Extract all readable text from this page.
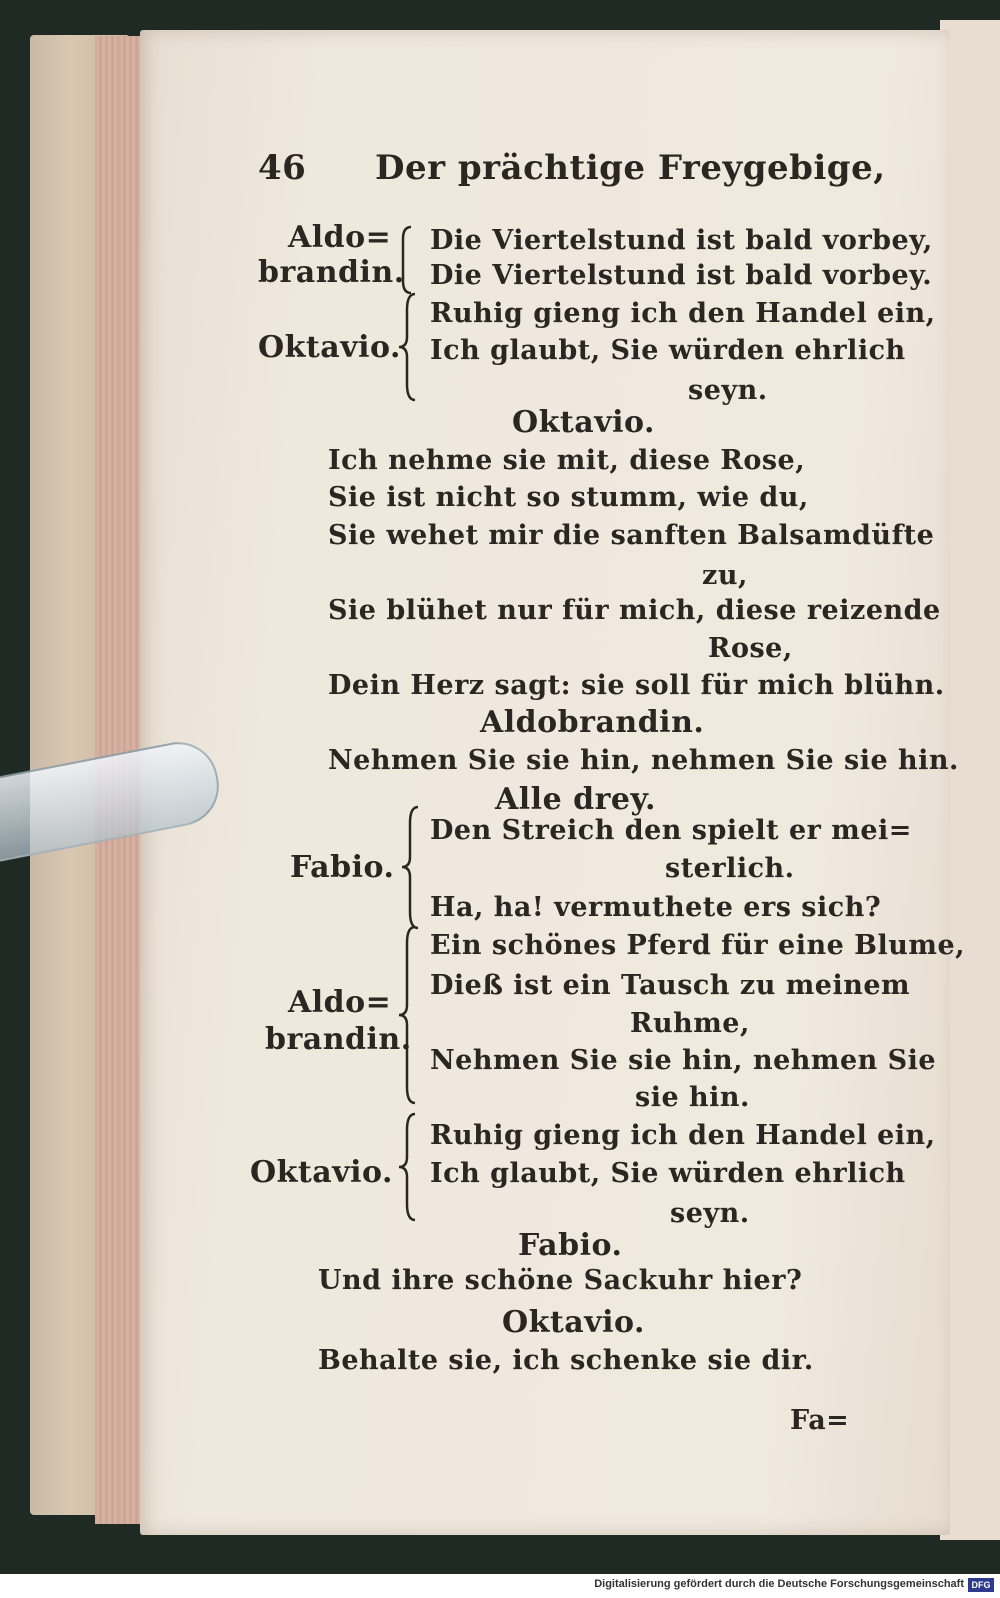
46 Der prächtige Freygebige,
Aldo=
brandin.
Die Viertelstund ist bald vorbey,
Die Viertelstund ist bald vorbey.
Oktavio.
Ruhig gieng ich den Handel ein,
Ich glaubt, Sie würden ehrlich
seyn.
Oktavio.
Ich nehme sie mit, diese Rose,
Sie ist nicht so stumm, wie du,
Sie wehet mir die sanften Balsamdüfte
zu,
Sie blühet nur für mich, diese reizende
Rose,
Dein Herz sagt: sie soll für mich blühn.
Aldobrandin.
Nehmen Sie sie hin, nehmen Sie sie hin.
Alle drey.
Fabio.
Den Streich den spielt er mei=
sterlich.
Ha, ha! vermuthete ers sich?
Aldo=
brandin.
Ein schönes Pferd für eine Blume,
Dieß ist ein Tausch zu meinem
Ruhme,
Nehmen Sie sie hin, nehmen Sie
sie hin.
Oktavio.
Ruhig gieng ich den Handel ein,
Ich glaubt, Sie würden ehrlich
seyn.
Fabio.
Und ihre schöne Sackuhr hier?
Oktavio.
Behalte sie, ich schenke sie dir.
Fa=
Digitalisierung gefördert durch die Deutsche Forschungsgemeinschaft DFG
